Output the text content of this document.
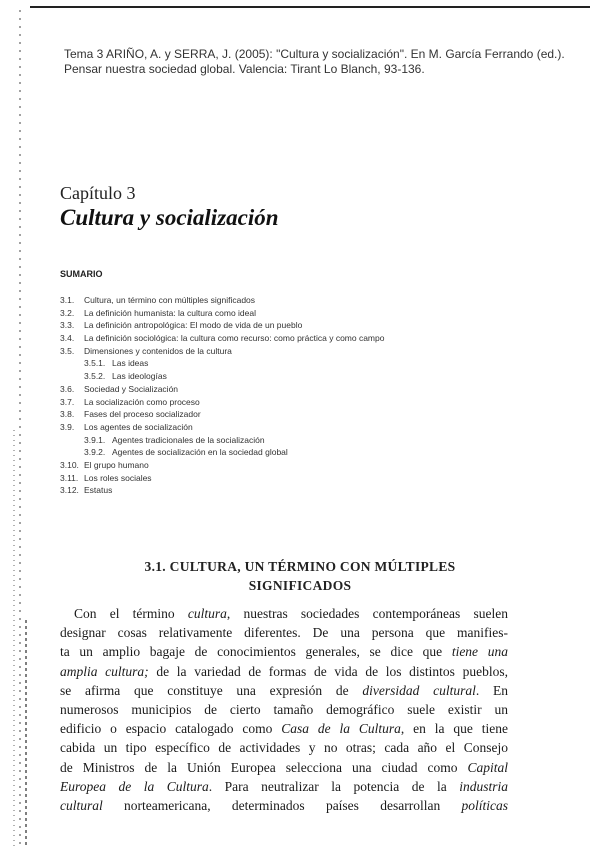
Tema 3 ARIÑO, A. y SERRA, J. (2005): "Cultura y socialización". En M. García Ferrando (ed.).
Pensar nuestra sociedad global. Valencia: Tirant Lo Blanch, 93-136.
Capítulo 3
Cultura y socialización
SUMARIO
3.1.	Cultura, un término con múltiples significados
3.2.	La definición humanista: la cultura como ideal
3.3.	La definición antropológica: El modo de vida de un pueblo
3.4.	La definición sociológica: la cultura como recurso: como práctica y como campo
3.5.	Dimensiones y contenidos de la cultura
3.5.1. Las ideas
3.5.2. Las ideologías
3.6.	Sociedad y Socialización
3.7.	La socialización como proceso
3.8.	Fases del proceso socializador
3.9.	Los agentes de socialización
3.9.1. Agentes tradicionales de la socialización
3.9.2. Agentes de socialización en la sociedad global
3.10. El grupo humano
3.11. Los roles sociales
3.12. Estatus
3.1. CULTURA, UN TÉRMINO CON MÚLTIPLES
SIGNIFICADOS
Con el término cultura, nuestras sociedades contemporáneas suelen
designar cosas relativamente diferentes. De una persona que manifies-
ta un amplio bagaje de conocimientos generales, se dice que tiene una
amplia cultura; de la variedad de formas de vida de los distintos pueblos,
se afirma que constituye una expresión de diversidad cultural. En
numerosos municipios de cierto tamaño demográfico suele existir un
edificio o espacio catalogado como Casa de la Cultura, en la que tiene
cabida un tipo específico de actividades y no otras; cada año el Consejo
de Ministros de la Unión Europea selecciona una ciudad como Capital
Europea de la Cultura. Para neutralizar la potencia de la industria
cultural norteamericana, determinados países desarrollan políticas
